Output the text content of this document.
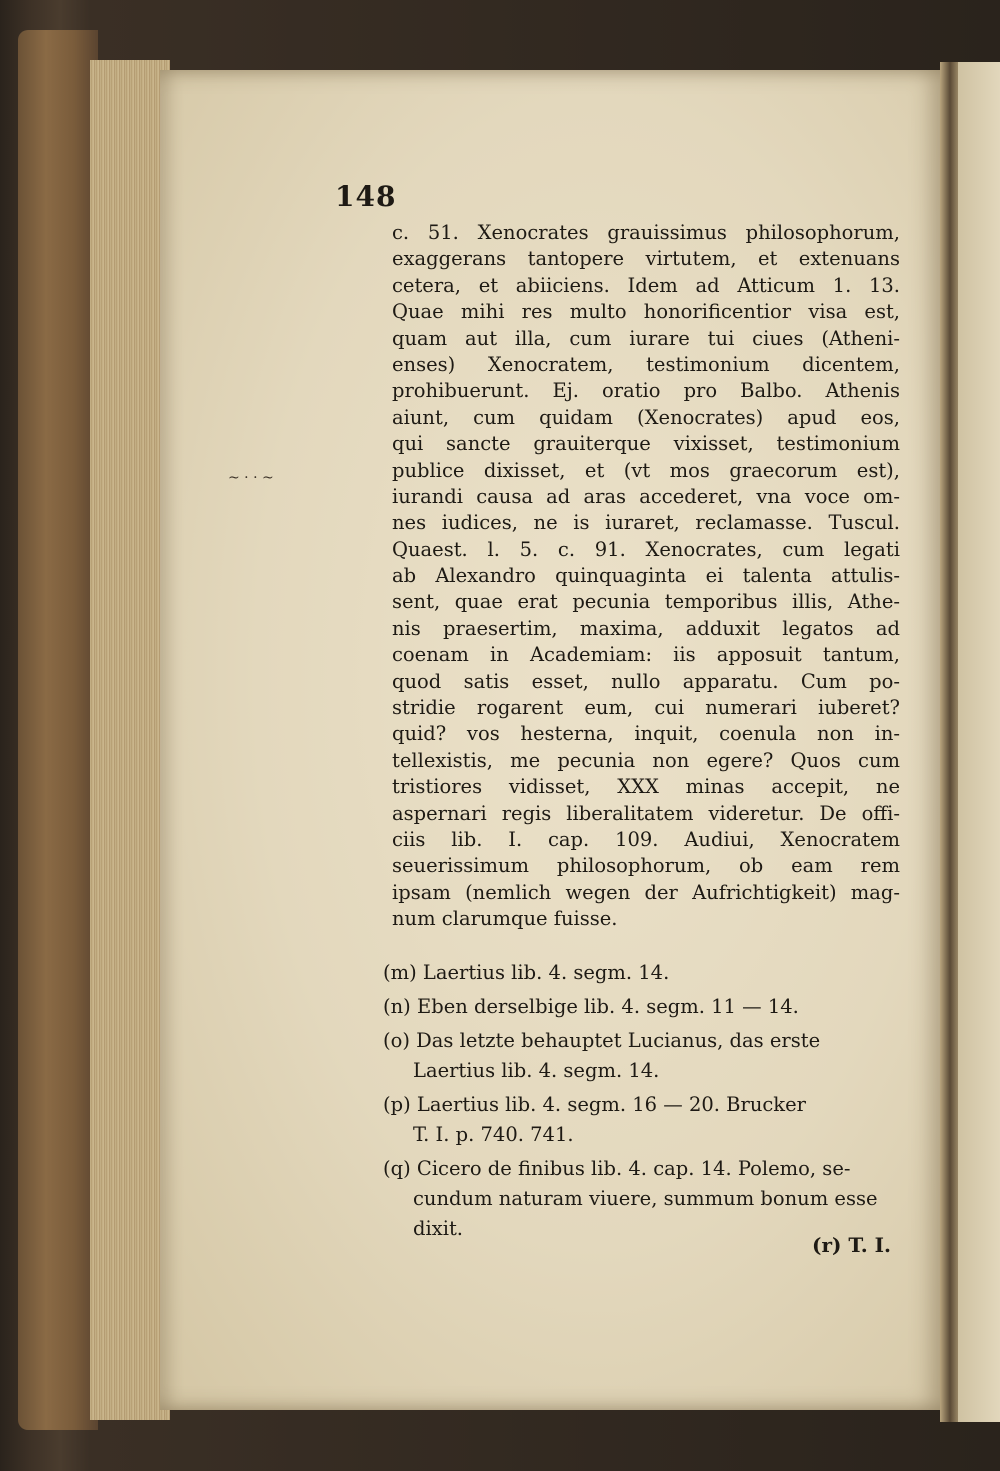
~ · · ~
148
c. 51. Xenocrates grauissimus philosophorum,
exaggerans tantopere virtutem, et extenuans
cetera, et abiiciens. Idem ad Atticum 1. 13.
Quae mihi res multo honorificentior visa est,
quam aut illa, cum iurare tui ciues (Atheni-
enses) Xenocratem, testimonium dicentem,
prohibuerunt. Ej. oratio pro Balbo. Athenis
aiunt, cum quidam (Xenocrates) apud eos,
qui sancte grauiterque vixisset, testimonium
publice dixisset, et (vt mos graecorum est),
iurandi causa ad aras accederet, vna voce om-
nes iudices, ne is iuraret, reclamasse. Tuscul.
Quaest. l. 5. c. 91. Xenocrates, cum legati
ab Alexandro quinquaginta ei talenta attulis-
sent, quae erat pecunia temporibus illis, Athe-
nis praesertim, maxima, adduxit legatos ad
coenam in Academiam: iis apposuit tantum,
quod satis esset, nullo apparatu. Cum po-
stridie rogarent eum, cui numerari iuberet?
quid? vos hesterna, inquit, coenula non in-
tellexistis, me pecunia non egere? Quos cum
tristiores vidisset, XXX minas accepit, ne
aspernari regis liberalitatem videretur. De offi-
ciis lib. I. cap. 109. Audiui, Xenocratem
seuerissimum philosophorum, ob eam rem
ipsam (nemlich wegen der Aufrichtigkeit) mag-
num clarumque fuisse.
(m) Laertius lib. 4. segm. 14.
(n) Eben derselbige lib. 4. segm. 11 — 14.
(o) Das letzte behauptet Lucianus, das erste
Laertius lib. 4. segm. 14.
(p) Laertius lib. 4. segm. 16 — 20. Brucker
T. I. p. 740. 741.
(q) Cicero de finibus lib. 4. cap. 14. Polemo, se-
cundum naturam viuere, summum bonum esse
dixit.
(r) T. I.
